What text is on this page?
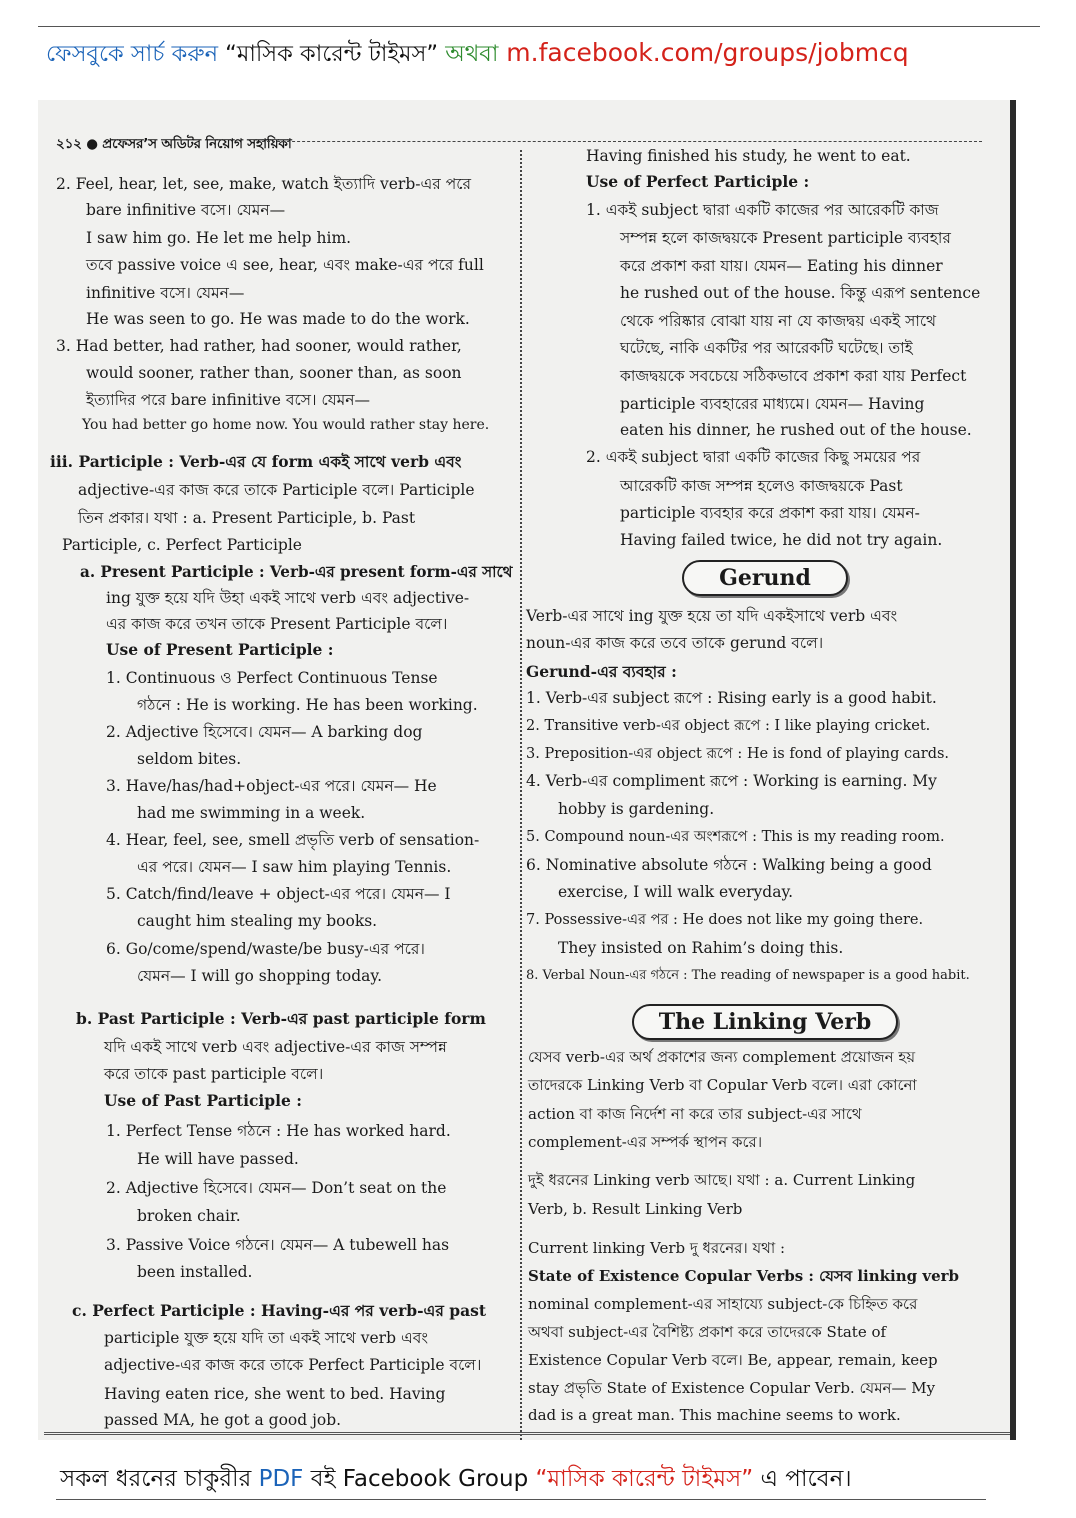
ফেসবুকে সার্চ করুন “মাসিক কারেন্ট টাইমস” অথবা m.facebook.com/groups/jobmcq
২১২ ● প্রফেসর’স অডিটর নিয়োগ সহায়িকা
2. Feel, hear, let, see, make, watch ইত্যাদি verb-এর পরে
bare infinitive বসে। যেমন—
I saw him go. He let me help him.
তবে passive voice এ see, hear, এবং make-এর পরে full
infinitive বসে। যেমন—
He was seen to go. He was made to do the work.
3. Had better, had rather, had sooner, would rather,
would sooner, rather than, sooner than, as soon
ইত্যাদির পরে bare infinitive বসে। যেমন—
You had better go home now. You would rather stay here.
iii. Participle : Verb-এর যে form একই সাথে verb এবং
adjective-এর কাজ করে তাকে Participle বলে। Participle
তিন প্রকার। যথা : a. Present Participle, b. Past
Participle, c. Perfect Participle
a. Present Participle : Verb-এর present form-এর সাথে
ing যুক্ত হয়ে যদি উহা একই সাথে verb এবং adjective-
এর কাজ করে তখন তাকে Present Participle বলে।
Use of Present Participle :
1. Continuous ও Perfect Continuous Tense
গঠনে : He is working. He has been working.
2. Adjective হিসেবে। যেমন— A barking dog
seldom bites.
3. Have/has/had+object-এর পরে। যেমন— He
had me swimming in a week.
4. Hear, feel, see, smell প্রভৃতি verb of sensation-
এর পরে। যেমন— I saw him playing Tennis.
5. Catch/find/leave + object-এর পরে। যেমন— I
caught him stealing my books.
6. Go/come/spend/waste/be busy-এর পরে।
যেমন— I will go shopping today.
b. Past Participle : Verb-এর past participle form
যদি একই সাথে verb এবং adjective-এর কাজ সম্পন্ন
করে তাকে past participle বলে।
Use of Past Participle :
1. Perfect Tense গঠনে : He has worked hard.
He will have passed.
2. Adjective হিসেবে। যেমন— Don’t seat on the
broken chair.
3. Passive Voice গঠনে। যেমন— A tubewell has
been installed.
c. Perfect Participle : Having-এর পর verb-এর past
participle যুক্ত হয়ে যদি তা একই সাথে verb এবং
adjective-এর কাজ করে তাকে Perfect Participle বলে।
Having eaten rice, she went to bed. Having
passed MA, he got a good job.
Having finished his study, he went to eat.
Use of Perfect Participle :
1. একই subject দ্বারা একটি কাজের পর আরেকটি কাজ
সম্পন্ন হলে কাজদ্বয়কে Present participle ব্যবহার
করে প্রকাশ করা যায়। যেমন— Eating his dinner
he rushed out of the house. কিন্তু এরূপ sentence
থেকে পরিষ্কার বোঝা যায় না যে কাজদ্বয় একই সাথে
ঘটেছে, নাকি একটির পর আরেকটি ঘটেছে। তাই
কাজদ্বয়কে সবচেয়ে সঠিকভাবে প্রকাশ করা যায় Perfect
participle ব্যবহারের মাধ্যমে। যেমন— Having
eaten his dinner, he rushed out of the house.
2. একই subject দ্বারা একটি কাজের কিছু সময়ের পর
আরেকটি কাজ সম্পন্ন হলেও কাজদ্বয়কে Past
participle ব্যবহার করে প্রকাশ করা যায়। যেমন-
Having failed twice, he did not try again.
Verb-এর সাথে ing যুক্ত হয়ে তা যদি একইসাথে verb এবং
noun-এর কাজ করে তবে তাকে gerund বলে।
Gerund-এর ব্যবহার :
1. Verb-এর subject রূপে : Rising early is a good habit.
2. Transitive verb-এর object রূপে : I like playing cricket.
3. Preposition-এর object রূপে : He is fond of playing cards.
4. Verb-এর compliment রূপে : Working is earning. My
hobby is gardening.
5. Compound noun-এর অংশরূপে : This is my reading room.
6. Nominative absolute গঠনে : Walking being a good
exercise, I will walk everyday.
7. Possessive-এর পর : He does not like my going there.
They insisted on Rahim’s doing this.
8. Verbal Noun-এর গঠনে : The reading of newspaper is a good habit.
যেসব verb-এর অর্থ প্রকাশের জন্য complement প্রয়োজন হয়
তাদেরকে Linking Verb বা Copular Verb বলে। এরা কোনো
action বা কাজ নির্দেশ না করে তার subject-এর সাথে
complement-এর সম্পর্ক স্থাপন করে।
দুই ধরনের Linking verb আছে। যথা : a. Current Linking
Verb, b. Result Linking Verb
Current linking Verb দু ধরনের। যথা :
State of Existence Copular Verbs : যেসব linking verb
nominal complement-এর সাহায্যে subject-কে চিহ্নিত করে
অথবা subject-এর বৈশিষ্ট্য প্রকাশ করে তাদেরকে State of
Existence Copular Verb বলে। Be, appear, remain, keep
stay প্রভৃতি State of Existence Copular Verb. যেমন— My
dad is a great man. This machine seems to work.
Gerund
The Linking Verb
সকল ধরনের চাকুরীর PDF বই Facebook Group “মাসিক কারেন্ট টাইমস” এ পাবেন।
